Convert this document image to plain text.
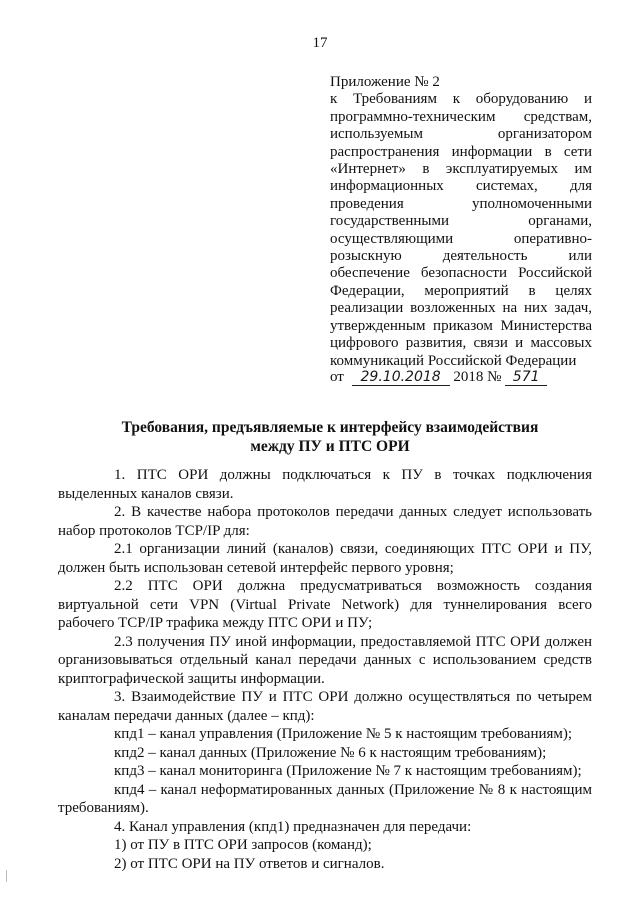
17
Приложение № 2
к Требованиям к оборудованию и программно-техническим средствам, используемым организатором распространения информации в сети «Интернет» в эксплуатируемых им информационных системах, для проведения уполномоченными государственными органами, осуществляющими оперативно-розыскную деятельность или обеспечение безопасности Российской Федерации, мероприятий в целях реализации возложенных на них задач, утвержденным приказом Министерства цифрового развития, связи и массовых коммуникаций Российской Федерации
от 29.10.2018 2018 № 571
Требования, предъявляемые к интерфейсу взаимодействия
между ПУ и ПТС ОРИ

1. ПТС ОРИ должны подключаться к ПУ в точках подключения выделенных каналов связи.

2. В качестве набора протоколов передачи данных следует использовать набор протоколов TCP/IP для:

2.1 организации линий (каналов) связи, соединяющих ПТС ОРИ и ПУ, должен быть использован сетевой интерфейс первого уровня;

2.2 ПТС ОРИ должна предусматриваться возможность создания виртуальной сети VPN (Virtual Private Network) для туннелирования всего рабочего TCP/IP трафика между ПТС ОРИ и ПУ;

2.3 получения ПУ иной информации, предоставляемой ПТС ОРИ должен организовываться отдельный канал передачи данных с использованием средств криптографической защиты информации.

3. Взаимодействие ПУ и ПТС ОРИ должно осуществляться по четырем каналам передачи данных (далее – кпд):

кпд1 – канал управления (Приложение № 5 к настоящим требованиям);

кпд2 – канал данных (Приложение № 6 к настоящим требованиям);

кпд3 – канал мониторинга (Приложение № 7 к настоящим требованиям);

кпд4 – канал неформатированных данных (Приложение № 8 к настоящим требованиям).

4. Канал управления (кпд1) предназначен для передачи:

1) от ПУ в ПТС ОРИ запросов (команд);

2) от ПТС ОРИ на ПУ ответов и сигналов.
